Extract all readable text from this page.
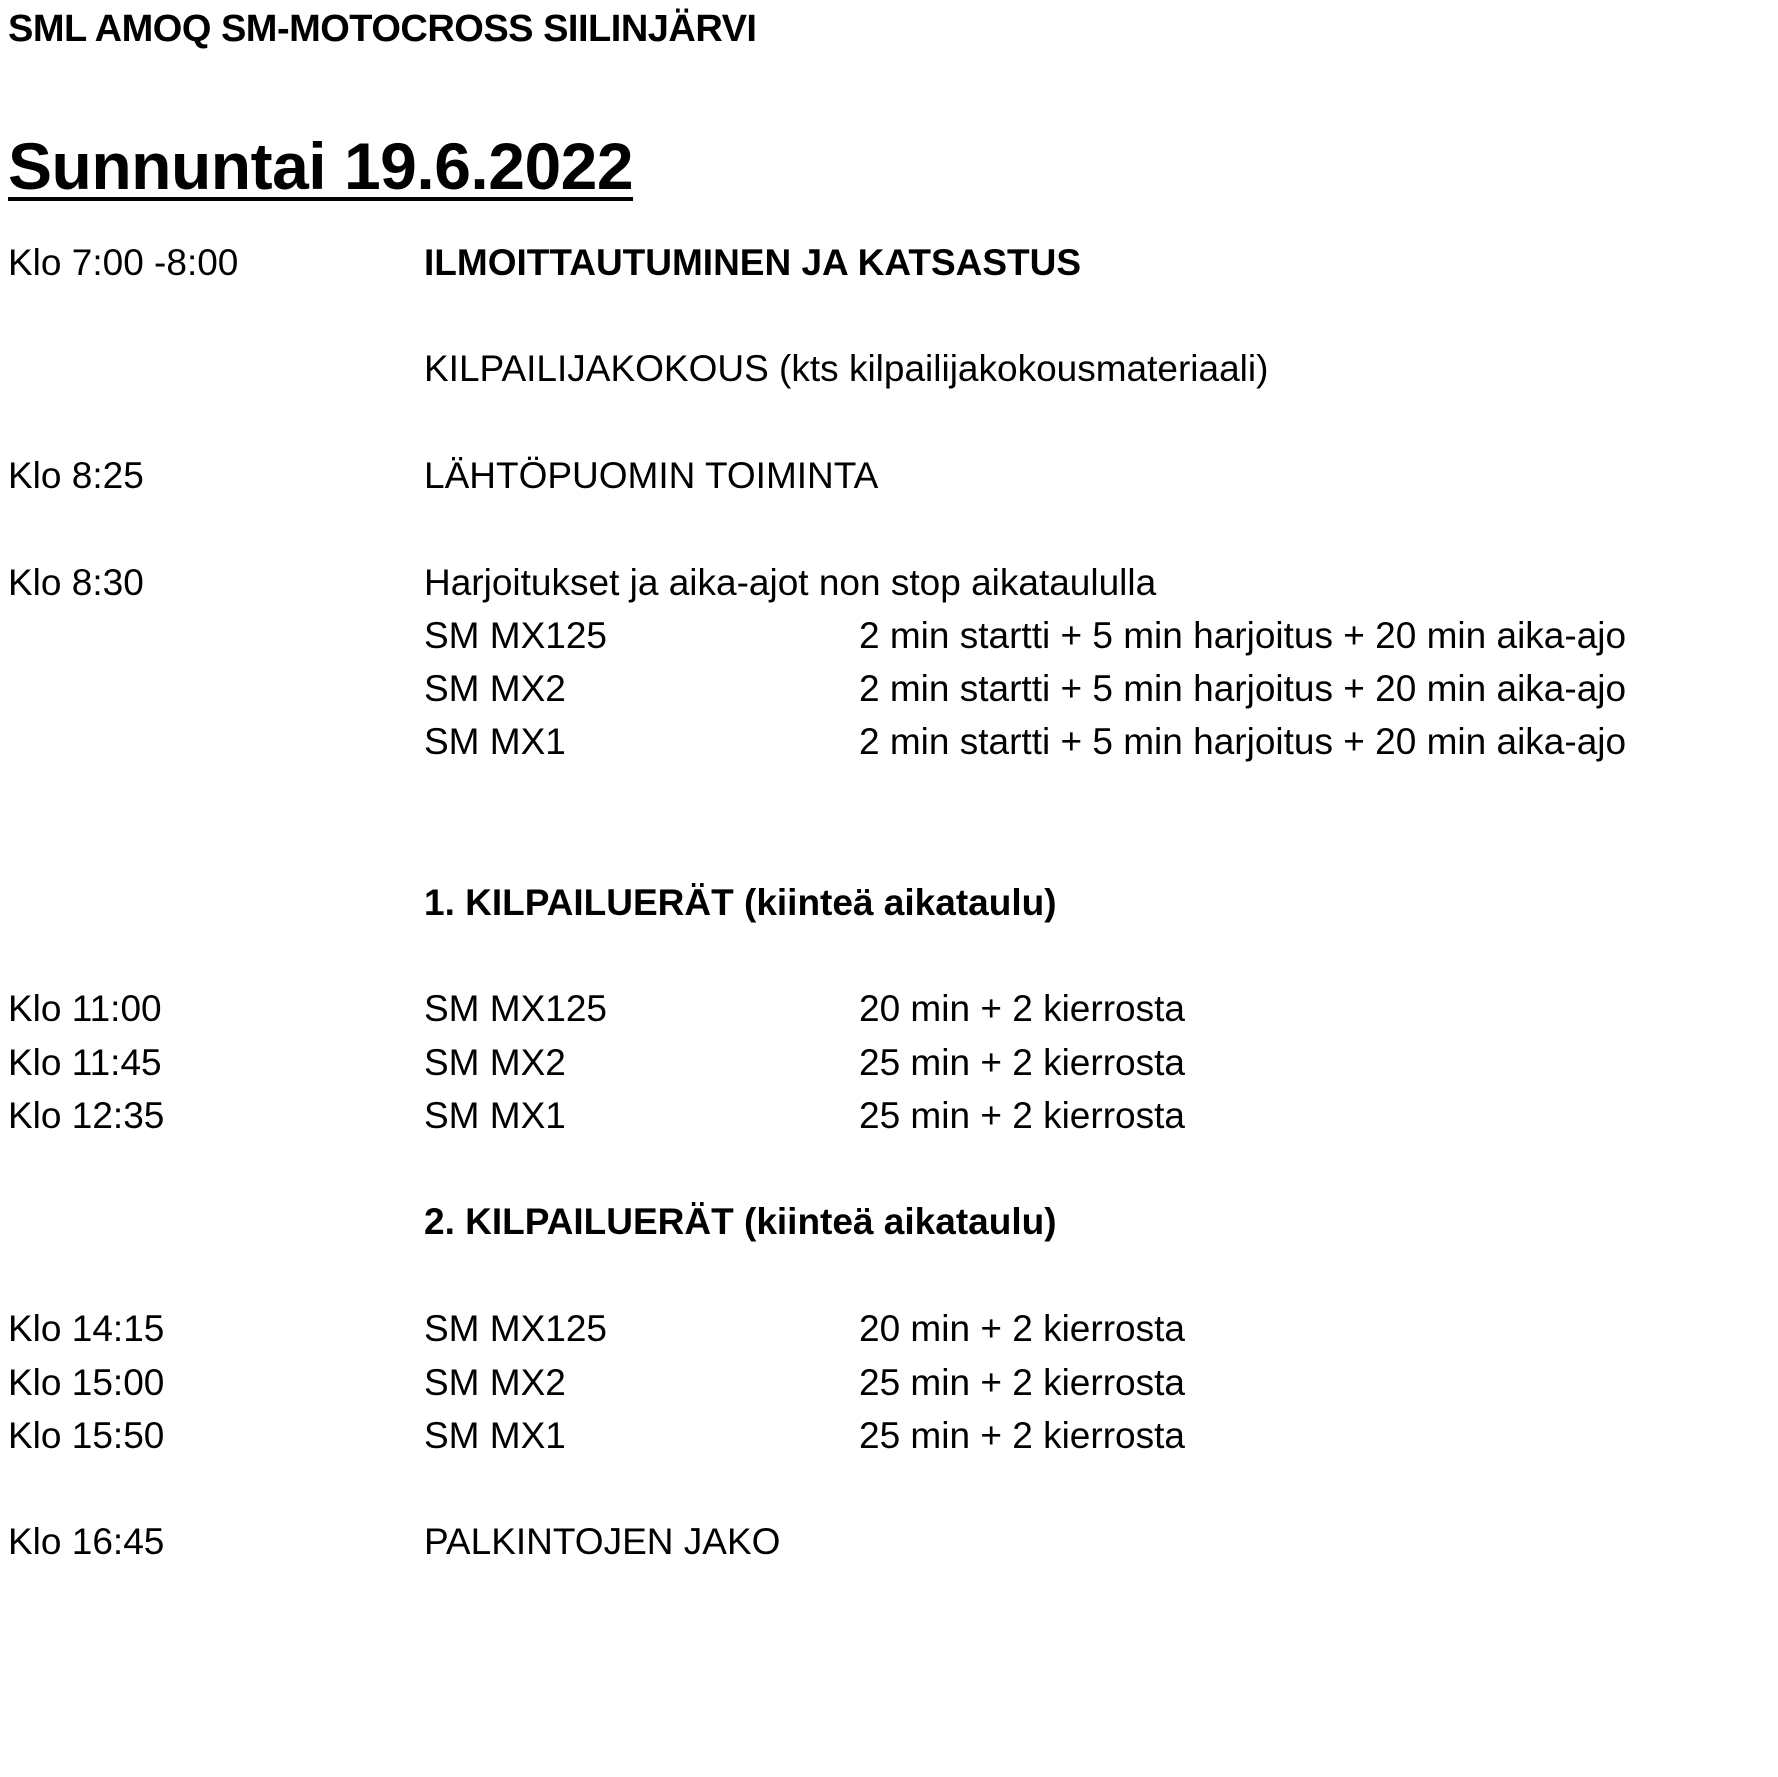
SML AMOQ SM-MOTOCROSS SIILINJÄRVI
Sunnuntai 19.6.2022
Klo 7:00 -8:00	ILMOITTAUTUMINEN JA KATSASTUS
KILPAILIJAKOKOUS (kts kilpailijakokousmateriaali)
Klo 8:25	LÄHTÖPUOMIN TOIMINTA
Klo 8:30	Harjoitukset ja aika-ajot non stop aikataululla
SM MX125	2 min startti + 5 min harjoitus + 20 min aika-ajo
SM MX2	2 min startti + 5 min harjoitus + 20 min aika-ajo
SM MX1	2 min startti + 5 min harjoitus + 20 min aika-ajo
1. KILPAILUERÄT (kiinteä aikataulu)
Klo 11:00	SM MX125	20 min + 2 kierrosta
Klo 11:45	SM MX2	25 min + 2 kierrosta
Klo 12:35	SM MX1	25 min + 2 kierrosta
2. KILPAILUERÄT (kiinteä aikataulu)
Klo 14:15	SM MX125	20 min + 2 kierrosta
Klo 15:00	SM MX2	25 min + 2 kierrosta
Klo 15:50	SM MX1	25 min + 2 kierrosta
Klo 16:45	PALKINTOJEN JAKO
